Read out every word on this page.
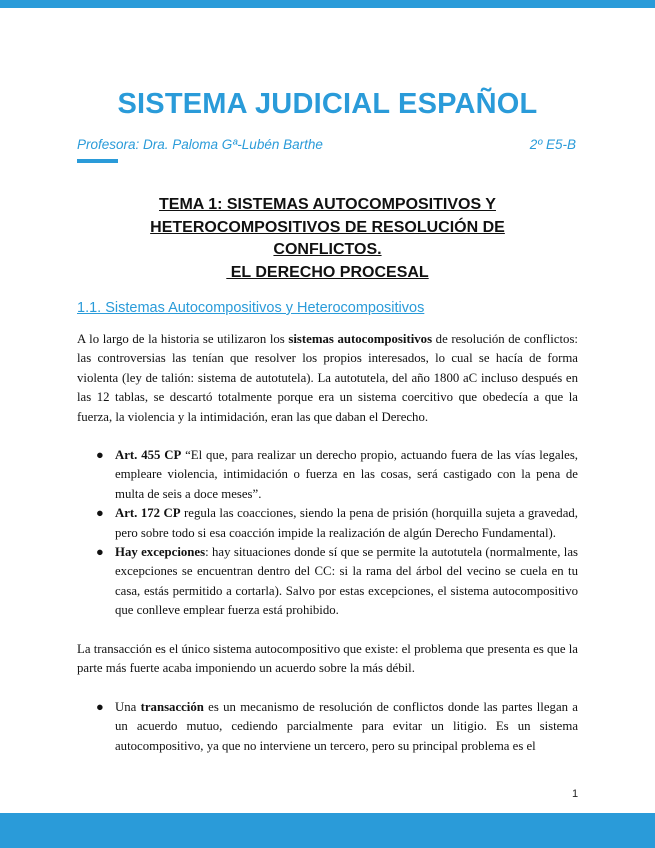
SISTEMA JUDICIAL ESPAÑOL
Profesora: Dra. Paloma Gª-Lubén Barthe	2º E5-B
TEMA 1: SISTEMAS AUTOCOMPOSITIVOS Y
HETEROCOMPOSITIVOS DE RESOLUCIÓN DE
CONFLICTOS.
EL DERECHO PROCESAL
1.1. Sistemas Autocompositivos y Heterocompositivos

A lo largo de la historia se utilizaron los sistemas autocompositivos de resolución de conflictos: las controversias las tenían que resolver los propios interesados, lo cual se hacía de forma violenta (ley de talión: sistema de autotutela). La autotutela, del año 1800 aC incluso después en las 12 tablas, se descartó totalmente porque era un sistema coercitivo que obedecía a que la fuerza, la violencia y la intimidación, eran las que daban el Derecho.

● Art. 455 CP “El que, para realizar un derecho propio, actuando fuera de las vías legales, empleare violencia, intimidación o fuerza en las cosas, será castigado con la pena de multa de seis a doce meses”.
● Art. 172 CP regula las coacciones, siendo la pena de prisión (horquilla sujeta a gravedad, pero sobre todo si esa coacción impide la realización de algún Derecho Fundamental).
● Hay excepciones: hay situaciones donde sí que se permite la autotutela (normalmente, las excepciones se encuentran dentro del CC: si la rama del árbol del vecino se cuela en tu casa, estás permitido a cortarla). Salvo por estas excepciones, el sistema autocompositivo que conlleve emplear fuerza está prohibido.

La transacción es el único sistema autocompositivo que existe: el problema que presenta es que la parte más fuerte acaba imponiendo un acuerdo sobre la más débil.

● Una transacción es un mecanismo de resolución de conflictos donde las partes llegan a un acuerdo mutuo, cediendo parcialmente para evitar un litigio. Es un sistema autocompositivo, ya que no interviene un tercero, pero su principal problema es el
1
